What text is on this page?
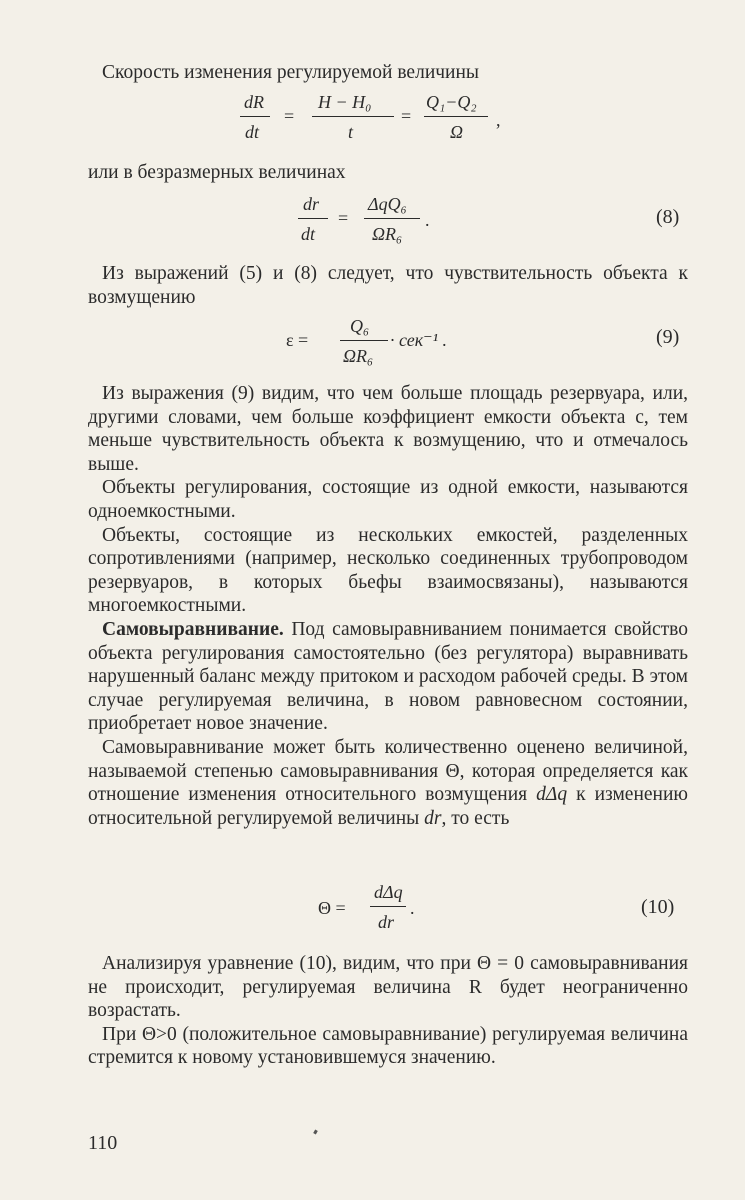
Скорость изменения регулируемой величины
dR
dt
=
H − H₀
t
=
Q₁−Q₂
Ω
,
или в безразмерных величинах
dr
dt
=
ΔqQ₆
ΩR₆
.	(8)

Из выражений (5) и (8) следует, что чувствительность объекта к возмущению

ε =
Q₆
ΩR₆
· сек⁻¹ .	(9)

Из выражения (9) видим, что чем больше площадь резервуара, или, другими словами, чем больше коэффициент емкости объекта с, тем меньше чувствительность объекта к возмущению, что и отмечалось выше.

Объекты регулирования, состоящие из одной емкости, называются одноемкостными.

Объекты, состоящие из нескольких емкостей, разделенных сопротивлениями (например, несколько соединенных трубопроводом резервуаров, в которых бьефы взаимосвязаны), называются многоемкостными.

Самовыравнивание. Под самовыравниванием понимается свойство объекта регулирования самостоятельно (без регулятора) выравнивать нарушенный баланс между притоком и расходом рабочей среды. В этом случае регулируемая величина, в новом равновесном состоянии, приобретает новое значение.

Самовыравнивание может быть количественно оценено величиной, называемой степенью самовыравнивания Θ, которая определяется как отношение изменения относительного возмущения dΔq к изменению относительной регулируемой величины dr, то есть

Θ =
dΔq
dr
.	(10)

Анализируя уравнение (10), видим, что при Θ = 0 самовыравнивания не происходит, регулируемая величина R будет неограниченно возрастать.

При Θ>0 (положительное самовыравнивание) регулируемая величина стремится к новому установившемуся значению.

110
